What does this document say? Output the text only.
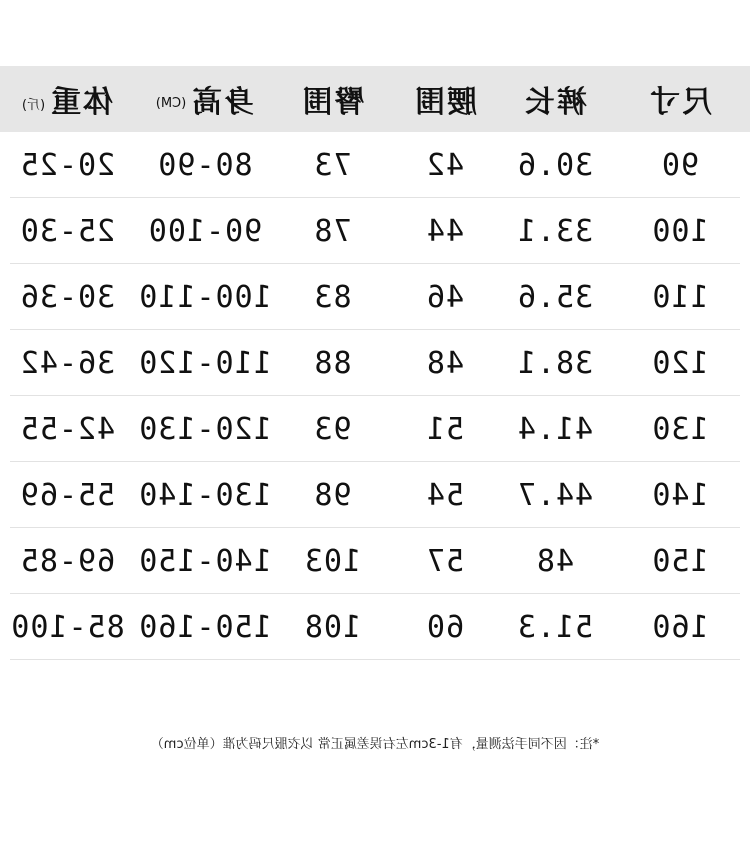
尺寸
裤长
腰围
臀围
身高(CM)
体重(斤)
90
30.6
42
73
80-90
20-25
100
33.1
44
78
90-100
25-30
110
35.6
46
83
100-110
30-36
120
38.1
48
88
110-120
36-42
130
41.4
51
93
120-130
42-55
140
44.7
54
98
130-140
55-69
150
48
57
103
140-150
69-85
160
51.3
60
108
150-160
85-100
*注：因不同手法测量，有1-3cm左右误差属正常 以衣服尺码为准（单位cm）
